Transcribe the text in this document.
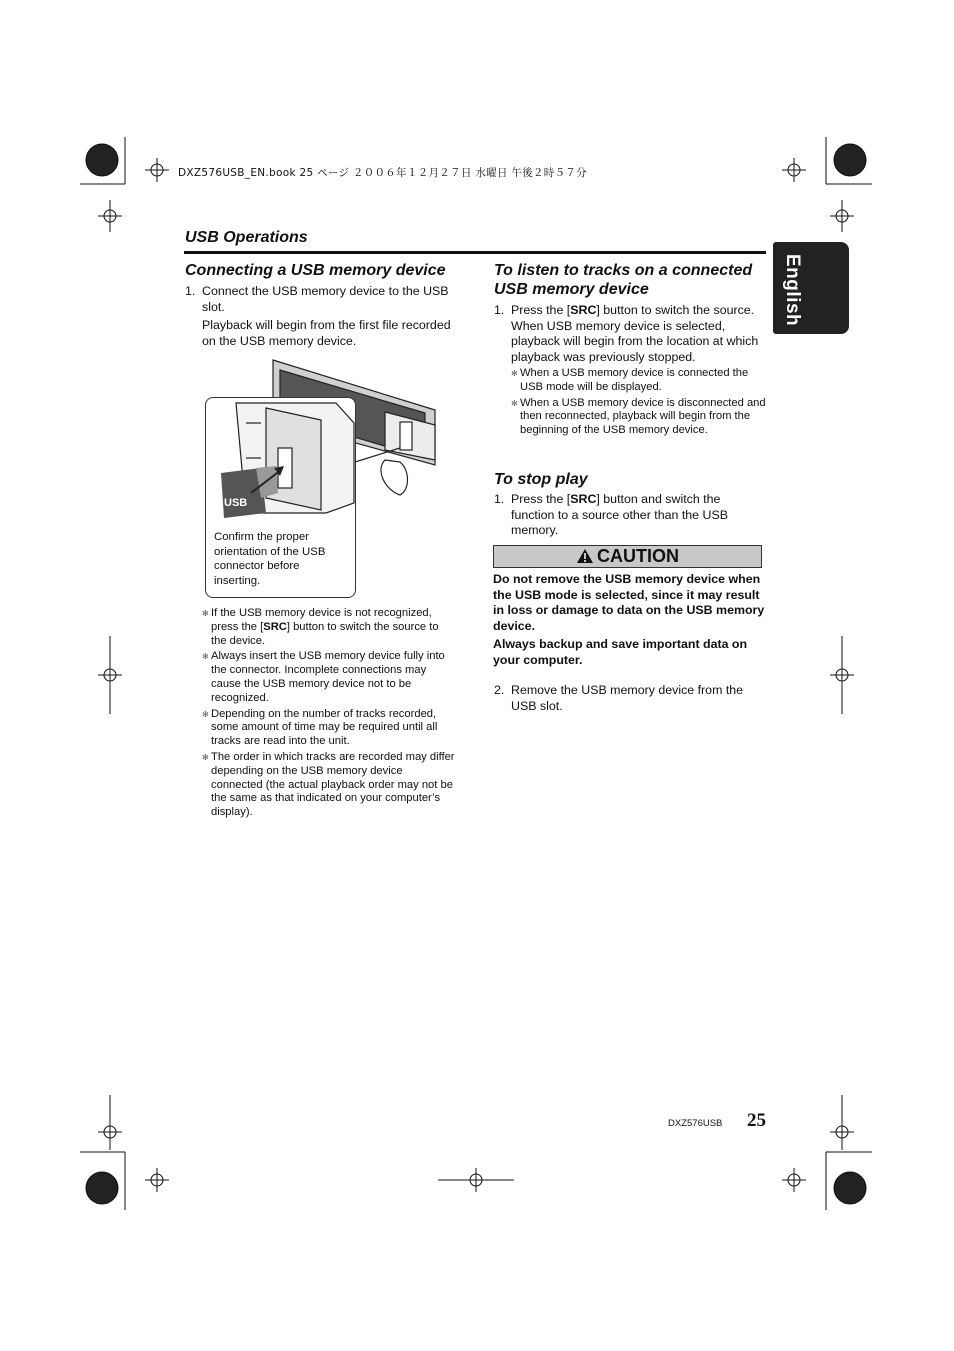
DXZ576USB_EN.book 25 ページ ２００６年１２月２７日 水曜日 午後２時５７分
USB Operations
English
Connecting a USB memory device
1. Connect the USB memory device to the USB slot.
Playback will begin from the first file recorded on the USB memory device.
USB
Confirm the proper orientation of the USB connector before inserting.
✻ If the USB memory device is not recognized, press the [SRC] button to switch the source to the device.
✻ Always insert the USB memory device fully into the connector. Incomplete connections may cause the USB memory device not to be recognized.
✻ Depending on the number of tracks recorded, some amount of time may be required until all tracks are read into the unit.
✻ The order in which tracks are recorded may differ depending on the USB memory device connected (the actual playback order may not be the same as that indicated on your computer’s display).
To listen to tracks on a connected USB memory device
1. Press the [SRC] button to switch the source. When USB memory device is selected, playback will begin from the location at which playback was previously stopped.
✻ When a USB memory device is connected the USB mode will be displayed.
✻ When a USB memory device is disconnected and then reconnected, playback will begin from the beginning of the USB memory device.
To stop play
1. Press the [SRC] button and switch the function to a source other than the USB memory.
CAUTION
Do not remove the USB memory device when the USB mode is selected, since it may result in loss or damage to data on the USB memory device.
Always backup and save important data on your computer.
2. Remove the USB memory device from the USB slot.
DXZ576USB 25
